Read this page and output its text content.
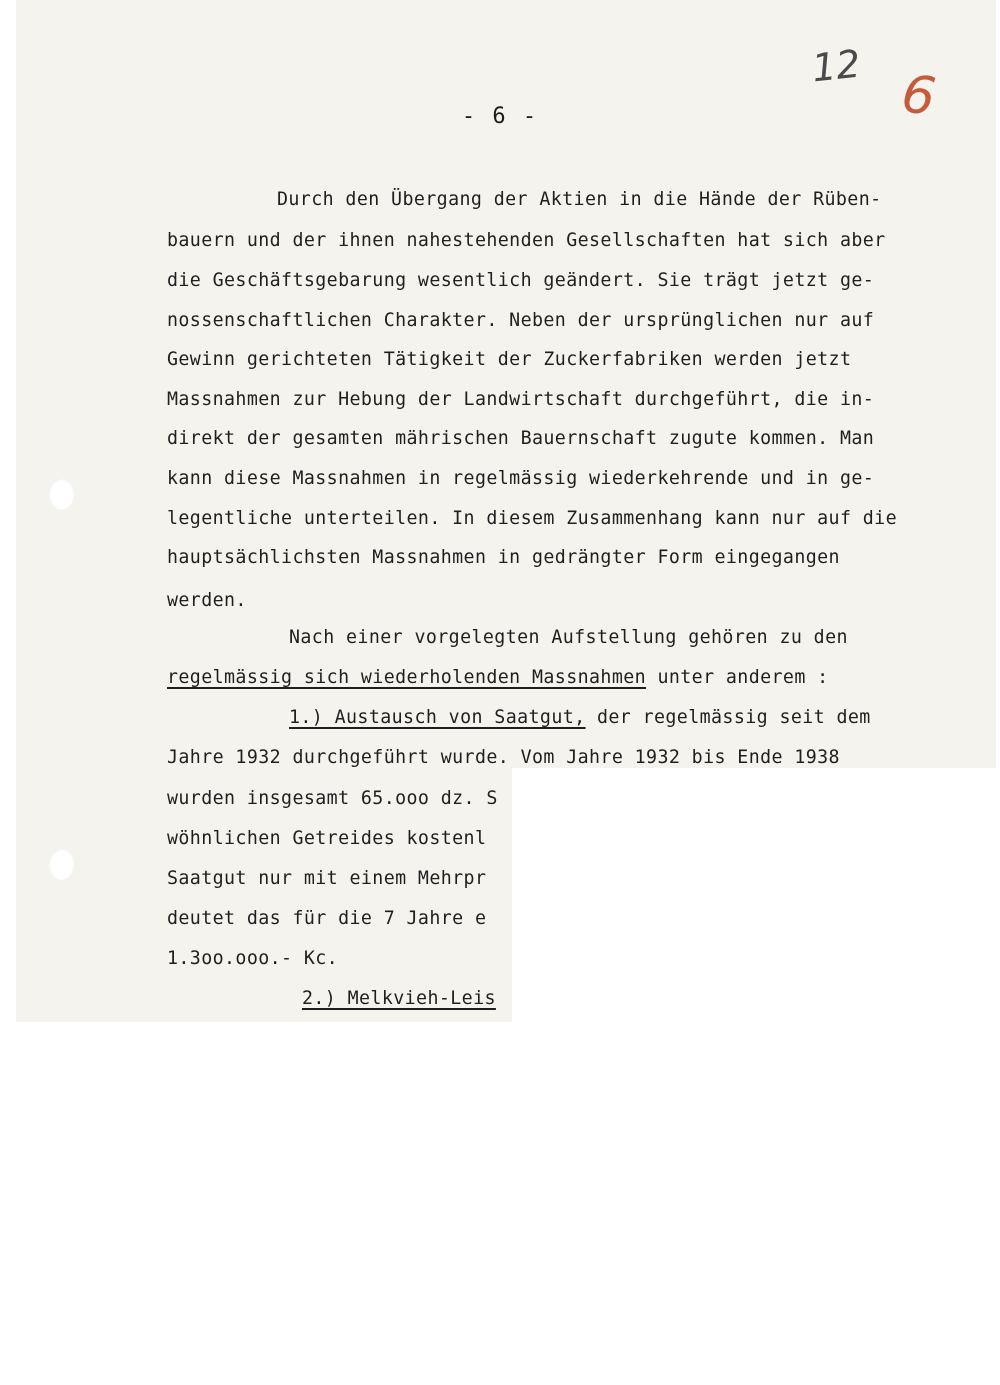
12 6
- 6 -
Durch den Übergang der Aktien in die Hände der Rüben-
bauern und der ihnen nahestehenden Gesellschaften hat sich aber
die Geschäftsgebarung wesentlich geändert. Sie trägt jetzt ge-
nossenschaftlichen Charakter. Neben der ursprünglichen nur auf
Gewinn gerichteten Tätigkeit der Zuckerfabriken werden jetzt
Massnahmen zur Hebung der Landwirtschaft durchgeführt, die in-
direkt der gesamten mährischen Bauernschaft zugute kommen. Man
kann diese Massnahmen in regelmässig wiederkehrende und in ge-
legentliche unterteilen. In diesem Zusammenhang kann nur auf die
hauptsächlichsten Massnahmen in gedrängter Form eingegangen
werden.
Nach einer vorgelegten Aufstellung gehören zu den
regelmässig sich wiederholenden Massnahmen unter anderem :
1.) Austausch von Saatgut, der regelmässig seit dem
Jahre 1932 durchgeführt wurde. Vom Jahre 1932 bis Ende 1938
wurden insgesamt 65.ooo dz. S
wöhnlichen Getreides kostenl
Saatgut nur mit einem Mehrpr
deutet das für die 7 Jahre e
1.3oo.ooo.- Kc.
2.) Melkvieh-Leis
